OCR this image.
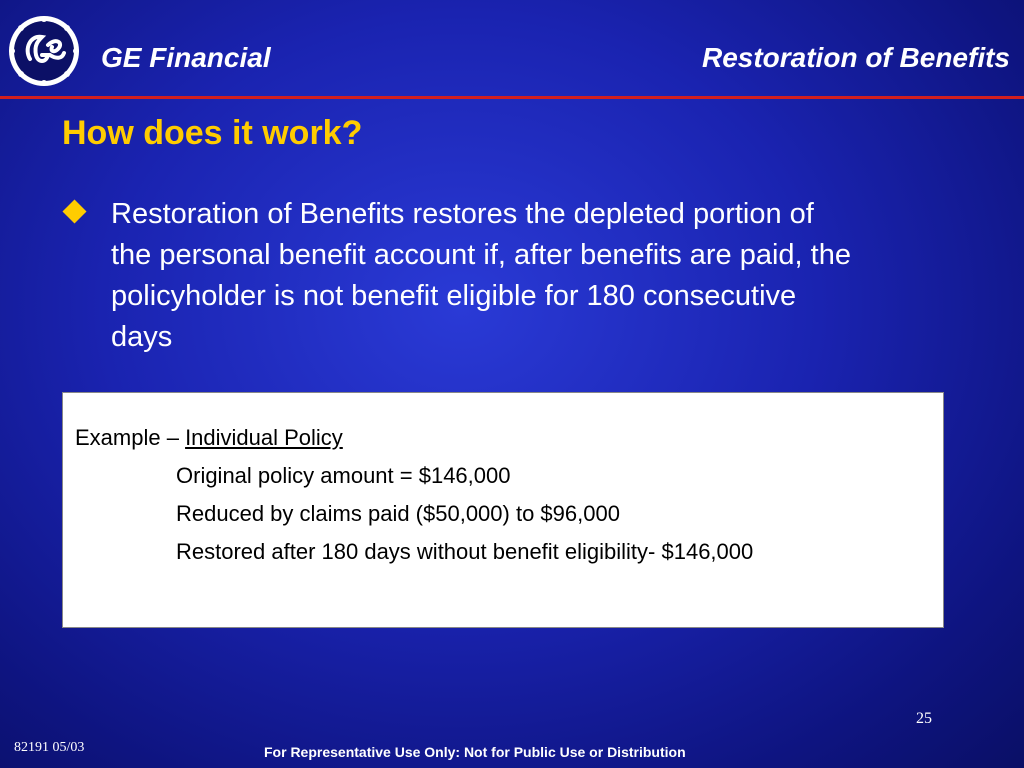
GE Financial	Restoration of Benefits
How does it work?
Restoration of Benefits restores the depleted portion of the personal benefit account if, after benefits are paid, the policyholder is not benefit eligible for 180 consecutive days
Example – Individual Policy
Original policy amount = $146,000
Reduced by claims paid ($50,000) to $96,000
Restored after 180 days without benefit eligibility- $146,000
25
82191 05/03	For Representative Use Only: Not for Public Use or Distribution
